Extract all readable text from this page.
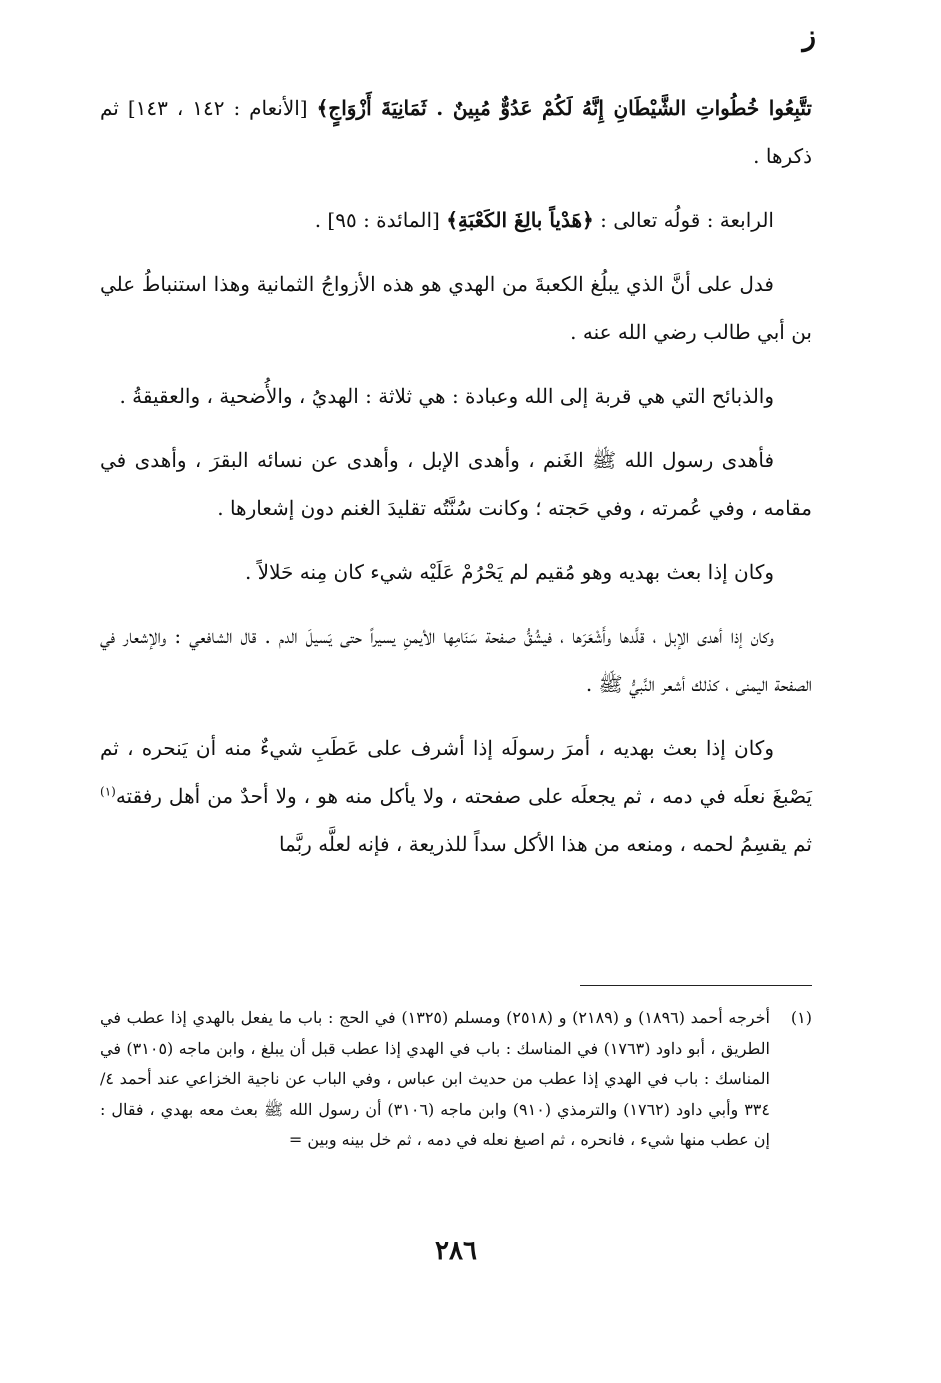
ز

تتَّبِعُوا خُطُواتِ الشَّيْطَانِ إِنَّهُ لَكُمْ عَدُوٌّ مُبِينٌ . ثَمَانِيَةَ أَزْوَاجٍ﴾ [الأنعام : ١٤٢ ، ١٤٣] ثم ذكرها .

الرابعة : قولُه تعالى : ﴿هَدْياً بالِغَ الكَعْبَةِ﴾ [المائدة : ٩٥] .

فدل على أنَّ الذي يبلُغ الكعبةَ من الهدي هو هذه الأزواجُ الثمانية وهذا استنباطُ علي بن أبي طالب رضي الله عنه .

والذبائح التي هي قربة إلى الله وعبادة : هي ثلاثة : الهديُ ، والأُضحية ، والعقيقةُ .

فأهدى رسول الله ﷺ الغَنم ، وأهدى الإبل ، وأهدى عن نسائه البقرَ ، وأهدى في مقامه ، وفي عُمرته ، وفي حَجته ؛ وكانت سُنَّتُه تقليدَ الغنم دون إشعارها .

وكان إذا بعث بهديه وهو مُقيم لم يَحْرُمْ عَلَيْه شيء كان مِنه حَلالاً .

وكان إذا أهدى الإبل ، قلَّدها وأَشْعَرَها ، فيشُقُّ صفحة سَنَامِها الأيمنِ يسيراً حتى يَسيلَ الدم . قال الشافعي : والإشعار في الصفحة اليمنى ، كذلك أشعر النَّبيُّ ﷺ .

وكان إذا بعث بهديه ، أمرَ رسولَه إذا أشرف على عَطَبِ شيءٌ منه أن يَنحره ، ثم يَصْبغَ نعلَه في دمه ، ثم يجعلَه على صفحته ، ولا يأكل منه هو ، ولا أحدٌ من أهل رفقته$^{(١)}$ ثم يقسِمُ لحمه ، ومنعه من هذا الأكل سداً للذريعة ، فإنه لعلَّه ربَّما

(١)
أخرجه أحمد (١٨٩٦) و (٢١٨٩) و (٢٥١٨) ومسلم (١٣٢٥) في الحج : باب ما يفعل بالهدي إذا عطب في الطريق ، أبو داود (١٧٦٣) في المناسك : باب في الهدي إذا عطب قبل أن يبلغ ، وابن ماجه (٣١٠٥) في المناسك : باب في الهدي إذا عطب من حديث ابن عباس ، وفي الباب عن ناجية الخزاعي عند أحمد ٤/ ٣٣٤ وأبي داود (١٧٦٢) والترمذي (٩١٠) وابن ماجه (٣١٠٦) أن رسول الله ﷺ بعث معه بهدي ، فقال : إن عطب منها شيء ، فانحره ، ثم اصبغ نعله في دمه ، ثم خل بينه وبين =
٢٨٦
